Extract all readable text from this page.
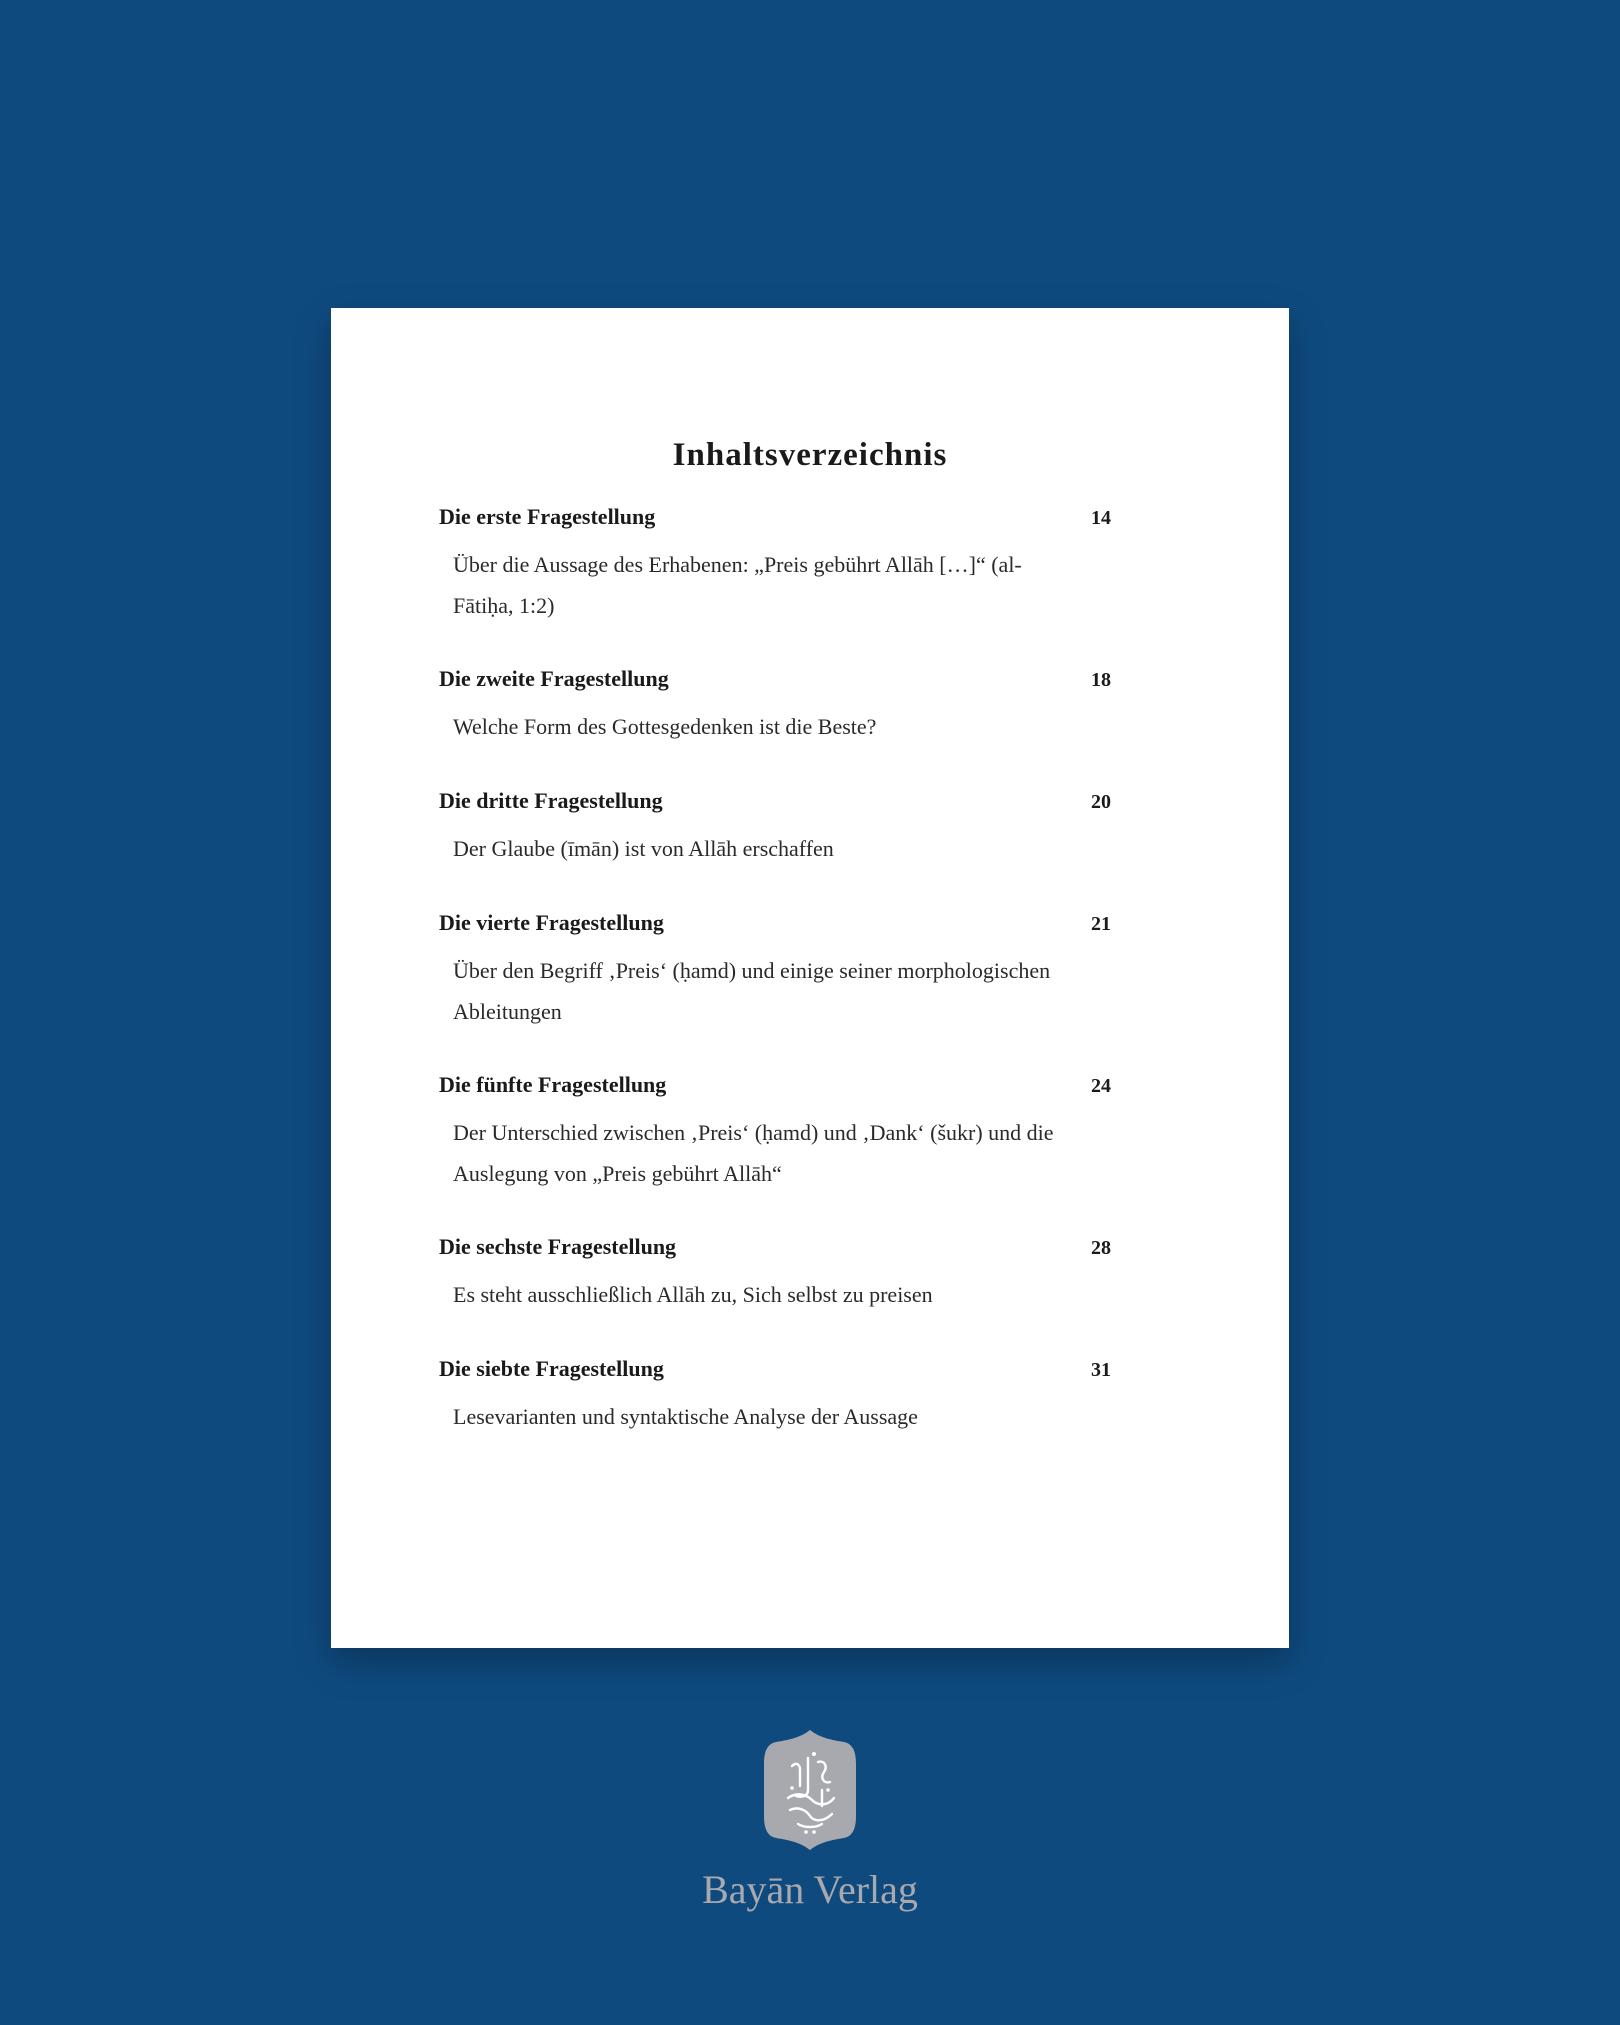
Inhaltsverzeichnis
Die erste Fragestellung	14
Über die Aussage des Erhabenen: „Preis gebührt Allāh […]“ (al-Fātiḥa, 1:2)
Die zweite Fragestellung	18
Welche Form des Gottesgedenken ist die Beste?
Die dritte Fragestellung	20
Der Glaube (īmān) ist von Allāh erschaffen
Die vierte Fragestellung	21
Über den Begriff ‚Preis‘ (ḥamd) und einige seiner morphologischen Ableitungen
Die fünfte Fragestellung	24
Der Unterschied zwischen ‚Preis‘ (ḥamd) und ‚Dank‘ (šukr) und die Auslegung von „Preis gebührt Allāh“
Die sechste Fragestellung	28
Es steht ausschließlich Allāh zu, Sich selbst zu preisen
Die siebte Fragestellung	31
Lesevarianten und syntaktische Analyse der Aussage
Bayān Verlag
